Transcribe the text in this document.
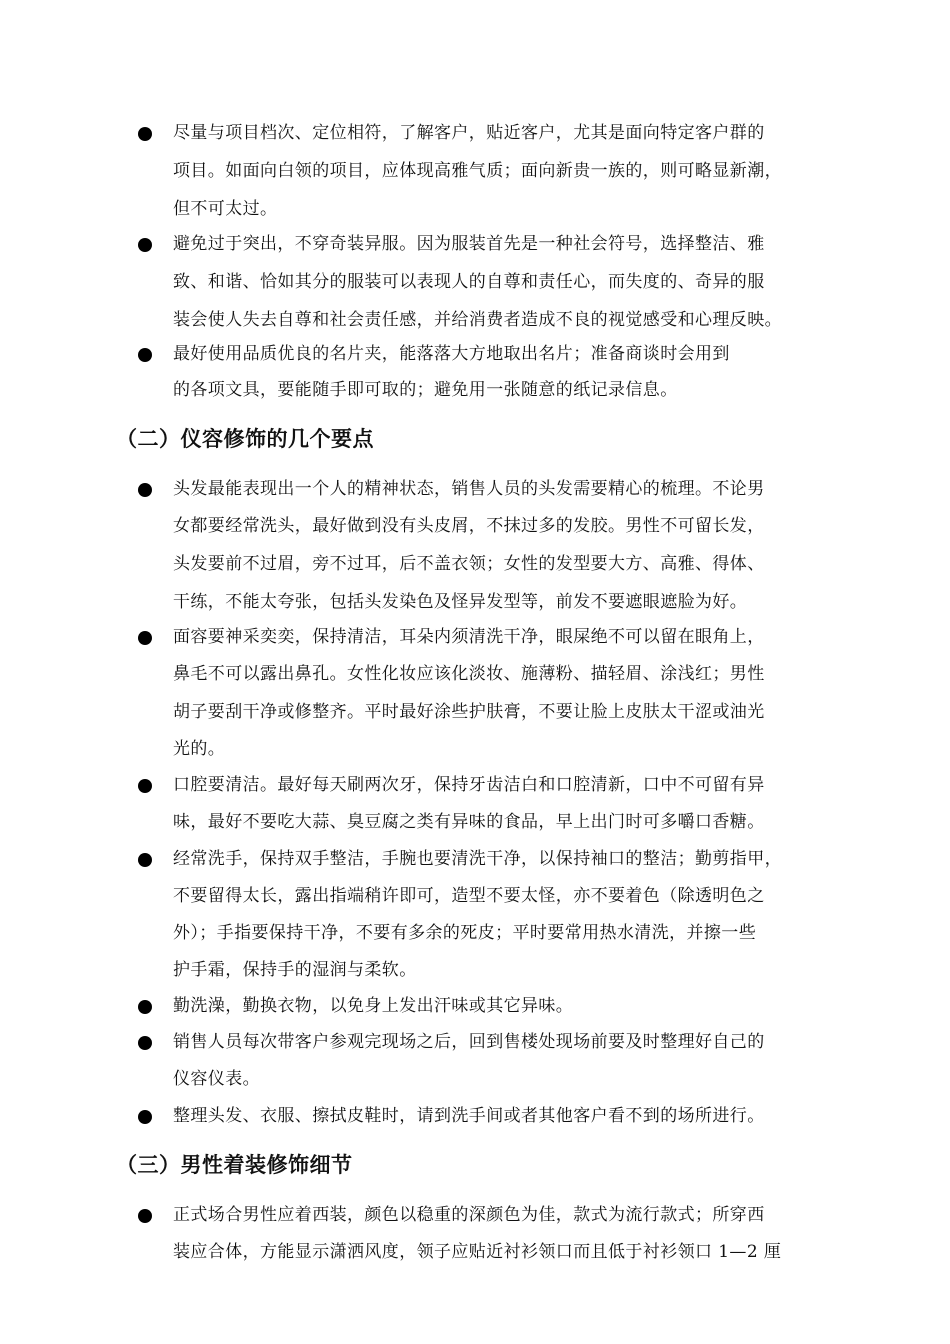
尽量与项目档次、定位相符，了解客户，贴近客户，尤其是面向特定客户群的
项目。如面向白领的项目，应体现高雅气质；面向新贵一族的，则可略显新潮，
但不可太过。
避免过于突出，不穿奇装异服。因为服装首先是一种社会符号，选择整洁、雅
致、和谐、恰如其分的服装可以表现人的自尊和责任心，而失度的、奇异的服
装会使人失去自尊和社会责任感，并给消费者造成不良的视觉感受和心理反映。
最好使用品质优良的名片夹，能落落大方地取出名片；准备商谈时会用到
的各项文具，要能随手即可取的；避免用一张随意的纸记录信息。
（二）仪容修饰的几个要点
头发最能表现出一个人的精神状态，销售人员的头发需要精心的梳理。不论男
女都要经常洗头，最好做到没有头皮屑，不抹过多的发胶。男性不可留长发，
头发要前不过眉，旁不过耳，后不盖衣领；女性的发型要大方、高雅、得体、
干练，不能太夸张，包括头发染色及怪异发型等，前发不要遮眼遮脸为好。
面容要神采奕奕，保持清洁，耳朵内须清洗干净，眼屎绝不可以留在眼角上，
鼻毛不可以露出鼻孔。女性化妆应该化淡妆、施薄粉、描轻眉、涂浅红；男性
胡子要刮干净或修整齐。平时最好涂些护肤膏，不要让脸上皮肤太干涩或油光
光的。
口腔要清洁。最好每天刷两次牙，保持牙齿洁白和口腔清新，口中不可留有异
味，最好不要吃大蒜、臭豆腐之类有异味的食品，早上出门时可多嚼口香糖。
经常洗手，保持双手整洁，手腕也要清洗干净，以保持袖口的整洁；勤剪指甲，
不要留得太长，露出指端稍许即可，造型不要太怪，亦不要着色（除透明色之
外）；手指要保持干净，不要有多余的死皮；平时要常用热水清洗，并擦一些
护手霜，保持手的湿润与柔软。
勤洗澡，勤换衣物，以免身上发出汗味或其它异味。
销售人员每次带客户参观完现场之后，回到售楼处现场前要及时整理好自己的
仪容仪表。
整理头发、衣服、擦拭皮鞋时，请到洗手间或者其他客户看不到的场所进行。
（三）男性着装修饰细节
正式场合男性应着西装，颜色以稳重的深颜色为佳，款式为流行款式；所穿西
装应合体，方能显示潇洒风度，领子应贴近衬衫领口而且低于衬衫领口 1—2 厘
